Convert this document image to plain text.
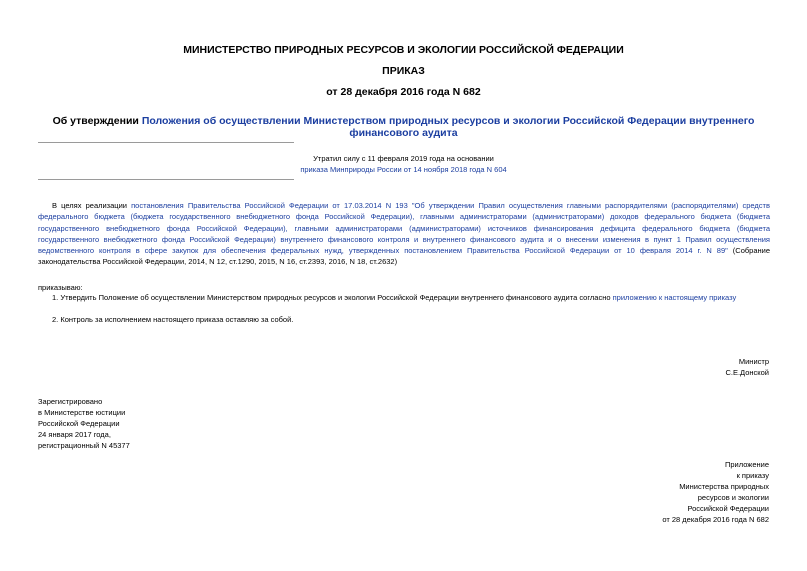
МИНИСТЕРСТВО ПРИРОДНЫХ РЕСУРСОВ И ЭКОЛОГИИ РОССИЙСКОЙ ФЕДЕРАЦИИ
ПРИКАЗ
от 28 декабря 2016 года N 682
Об утверждении Положения об осуществлении Министерством природных ресурсов и экологии Российской Федерации внутреннего финансового аудита
Утратил силу с 11 февраля 2019 года на основании
приказа Минприроды России от 14 ноября 2018 года N 604

В целях реализации постановления Правительства Российской Федерации от 17.03.2014 N 193 "Об утверждении Правил осуществления главными распорядителями (распорядителями) средств федерального бюджета (бюджета государственного внебюджетного фонда Российской Федерации), главными администраторами (администраторами) доходов федерального бюджета (бюджета государственного внебюджетного фонда Российской Федерации), главными администраторами (администраторами) источников финансирования дефицита федерального бюджета (бюджета государственного внебюджетного фонда Российской Федерации) внутреннего финансового контроля и внутреннего финансового аудита и о внесении изменения в пункт 1 Правил осуществления ведомственного контроля в сфере закупок для обеспечения федеральных нужд, утвержденных постановлением Правительства Российской Федерации от 10 февраля 2014 г. N 89" (Собрание законодательства Российской Федерации, 2014, N 12, ст.1290, 2015, N 16, ст.2393, 2016, N 18, ст.2632)

приказываю:
1. Утвердить Положение об осуществлении Министерством природных ресурсов и экологии Российской Федерации внутреннего финансового аудита согласно приложению к настоящему приказу
2. Контроль за исполнением настоящего приказа оставляю за собой.
Министр
С.Е.Донской
Зарегистрировано
в Министерстве юстиции
Российской Федерации
24 января 2017 года,
регистрационный N 45377
Приложение
к приказу
Министерства природных
ресурсов и экологии
Российской Федерации
от 28 декабря 2016 года N 682
